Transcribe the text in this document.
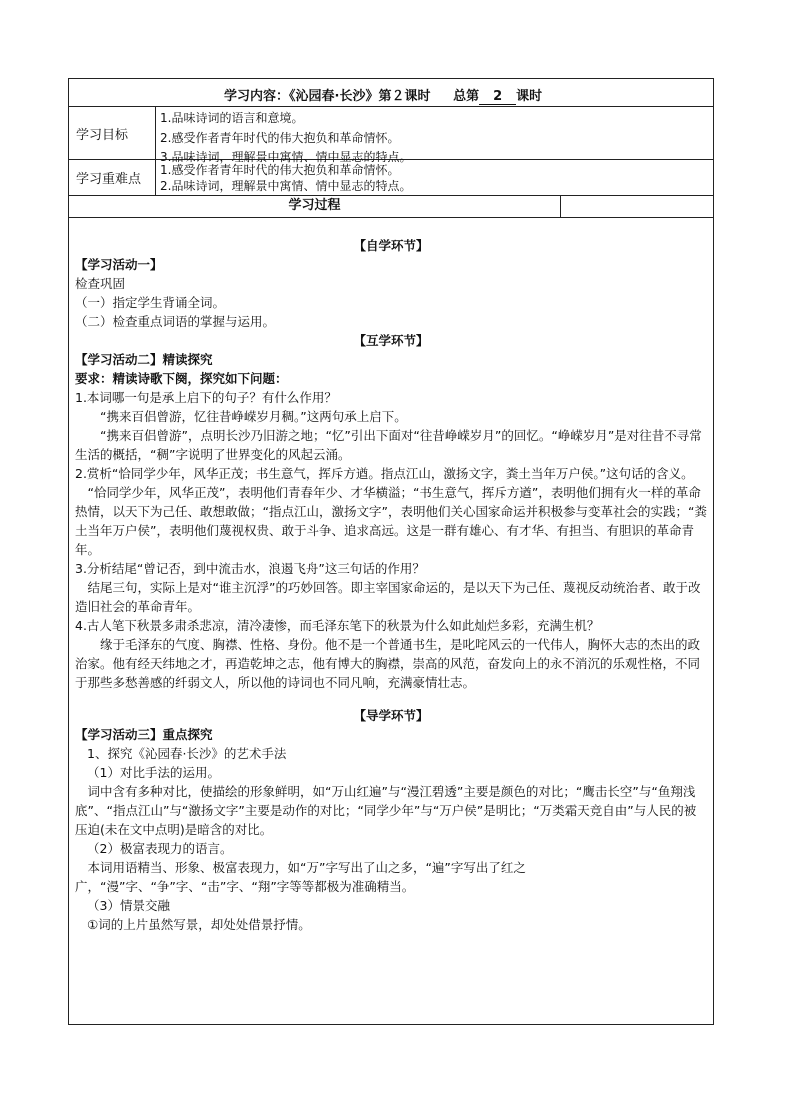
学习内容：《沁园春·长沙》第２课时 总第 2 课时
学习目标
1.品味诗词的语言和意境。
2.感受作者青年时代的伟大抱负和革命情怀。
3.品味诗词，理解景中寓情、情中显志的特点。
学习重难点
1.感受作者青年时代的伟大抱负和革命情怀。
2.品味诗词，理解景中寓情、情中显志的特点。
学习过程
【自学环节】
【学习活动一】
检查巩固
（一）指定学生背诵全词。
（二）检查重点词语的掌握与运用。
【互学环节】
【学习活动二】精读探究
要求：精读诗歌下阕，探究如下问题：
1.本词哪一句是承上启下的句子？有什么作用？
“携来百侣曾游，忆往昔峥嵘岁月稠。”这两句承上启下。
“携来百侣曾游”，点明长沙乃旧游之地；“忆”引出下面对“往昔峥嵘岁月”的回忆。“峥嵘岁月”是对往昔不寻常生活的概括，“稠”字说明了世界变化的风起云涌。
2.赏析“恰同学少年，风华正茂；书生意气，挥斥方遒。指点江山，激扬文字，粪土当年万户侯。”这句话的含义。
“恰同学少年，风华正茂”，表明他们青春年少、才华横溢；“书生意气，挥斥方遒”，表明他们拥有火一样的革命热情，以天下为己任、敢想敢做；“指点江山，激扬文字”，表明他们关心国家命运并积极参与变革社会的实践；“粪土当年万户侯”，表明他们蔑视权贵、敢于斗争、追求高远。这是一群有雄心、有才华、有担当、有胆识的革命青年。
3.分析结尾“曾记否，到中流击水，浪遏飞舟”这三句话的作用？
结尾三句，实际上是对“谁主沉浮”的巧妙回答。即主宰国家命运的，是以天下为己任、蔑视反动统治者、敢于改造旧社会的革命青年。
4.古人笔下秋景多肃杀悲凉，清冷凄惨，而毛泽东笔下的秋景为什么如此灿烂多彩，充满生机？
缘于毛泽东的气度、胸襟、性格、身份。他不是一个普通书生，是叱咤风云的一代伟人，胸怀大志的杰出的政治家。他有经天纬地之才，再造乾坤之志，他有博大的胸襟，崇高的风范，奋发向上的永不消沉的乐观性格，不同于那些多愁善感的纤弱文人，所以他的诗词也不同凡响，充满豪情壮志。
【导学环节】
【学习活动三】重点探究
1、探究《沁园春·长沙》的艺术手法
（1）对比手法的运用。
词中含有多种对比，使描绘的形象鲜明，如“万山红遍”与“漫江碧透”主要是颜色的对比；“鹰击长空”与“鱼翔浅底”、“指点江山”与“激扬文字”主要是动作的对比；“同学少年”与“万户侯”是明比；“万类霜天竞自由”与人民的被压迫(未在文中点明)是暗含的对比。
（2）极富表现力的语言。
本词用语精当、形象、极富表现力，如“万”字写出了山之多，“遍”字写出了红之广，“漫”字、“争”字、“击”字、“翔”字等等都极为准确精当。
（3）情景交融
①词的上片虽然写景，却处处借景抒情。
